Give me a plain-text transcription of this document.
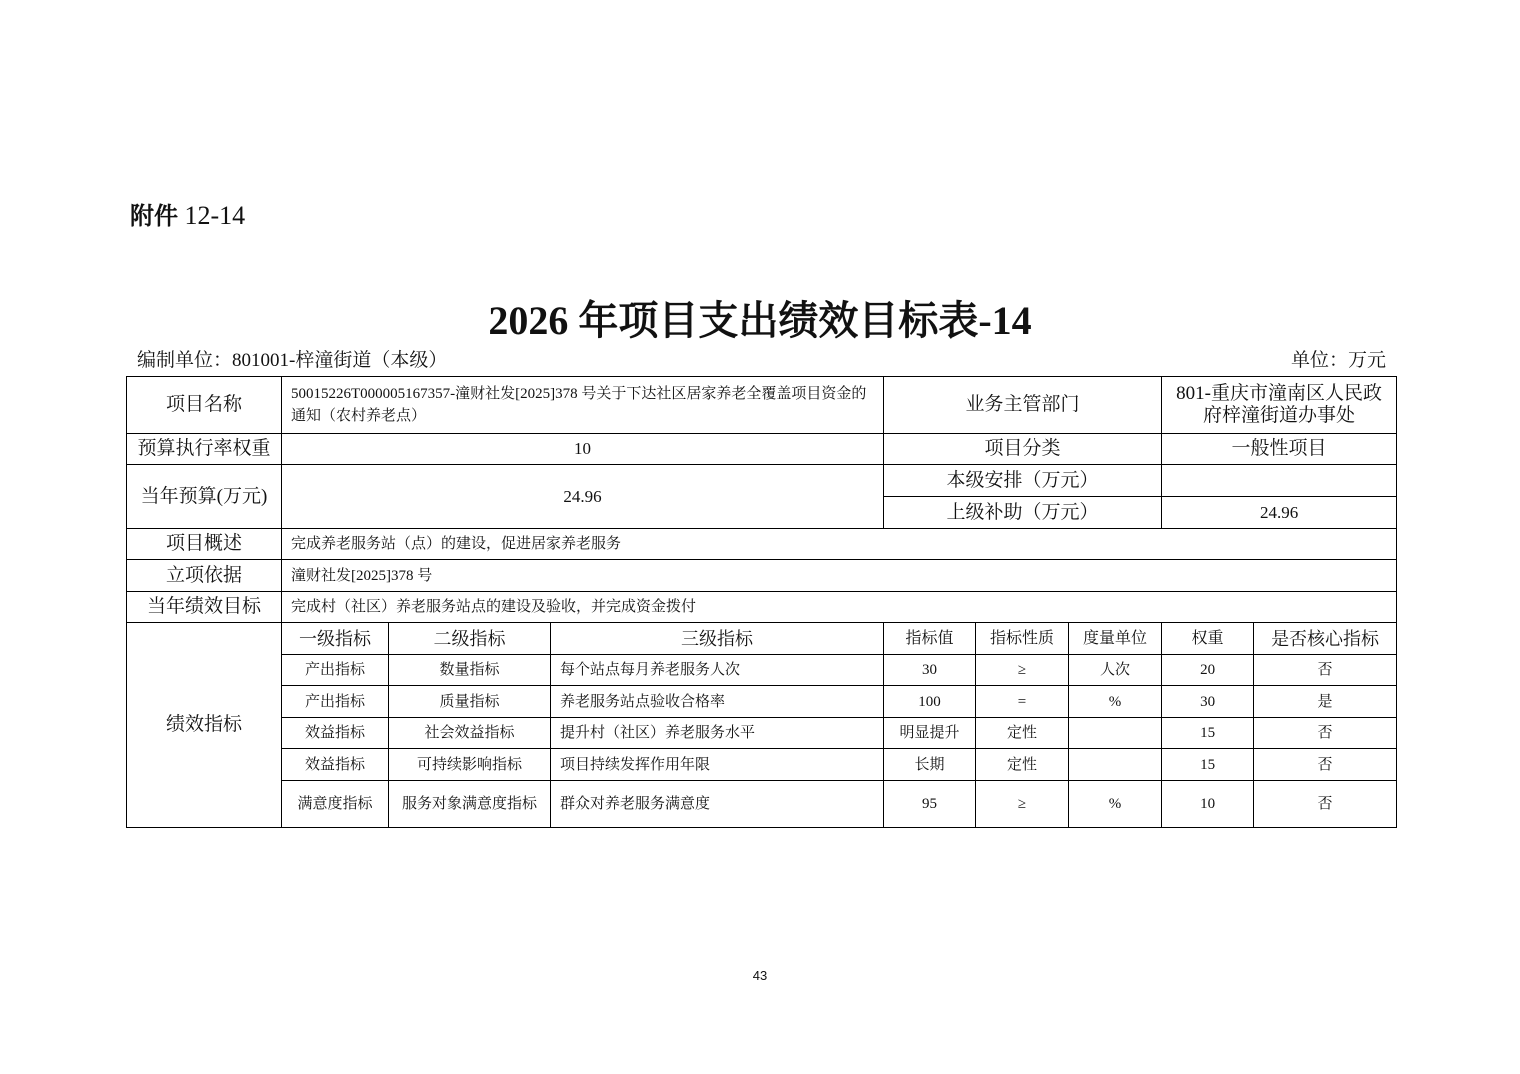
附件 12-14
2026 年项目支出绩效目标表-14
编制单位：801001-梓潼街道（本级）	单位：万元
项目名称	50015226T000005167357-潼财社发[2025]378 号关于下达社区居家养老全覆盖项目资金的通知（农村养老点）			业务主管部门			801-重庆市潼南区人民政府梓潼街道办事处	
预算执行率权重	10			项目分类			一般性项目	
当年预算(万元)	24.96			本级安排（万元）				
				上级补助（万元）			24.96	
项目概述	完成养老服务站（点）的建设，促进居家养老服务							
立项依据	潼财社发[2025]378 号							
当年绩效目标	完成村（社区）养老服务站点的建设及验收，并完成资金拨付							
绩效指标	一级指标	二级指标	三级指标	指标值	指标性质	度量单位	权重	是否核心指标
	产出指标	数量指标	每个站点每月养老服务人次	30	≥	人次	20	否
	产出指标	质量指标	养老服务站点验收合格率	100	=	%	30	是
	效益指标	社会效益指标	提升村（社区）养老服务水平	明显提升	定性		15	否
	效益指标	可持续影响指标	项目持续发挥作用年限	长期	定性		15	否
	满意度指标	服务对象满意度指标	群众对养老服务满意度	95	≥	%	10	否
43
